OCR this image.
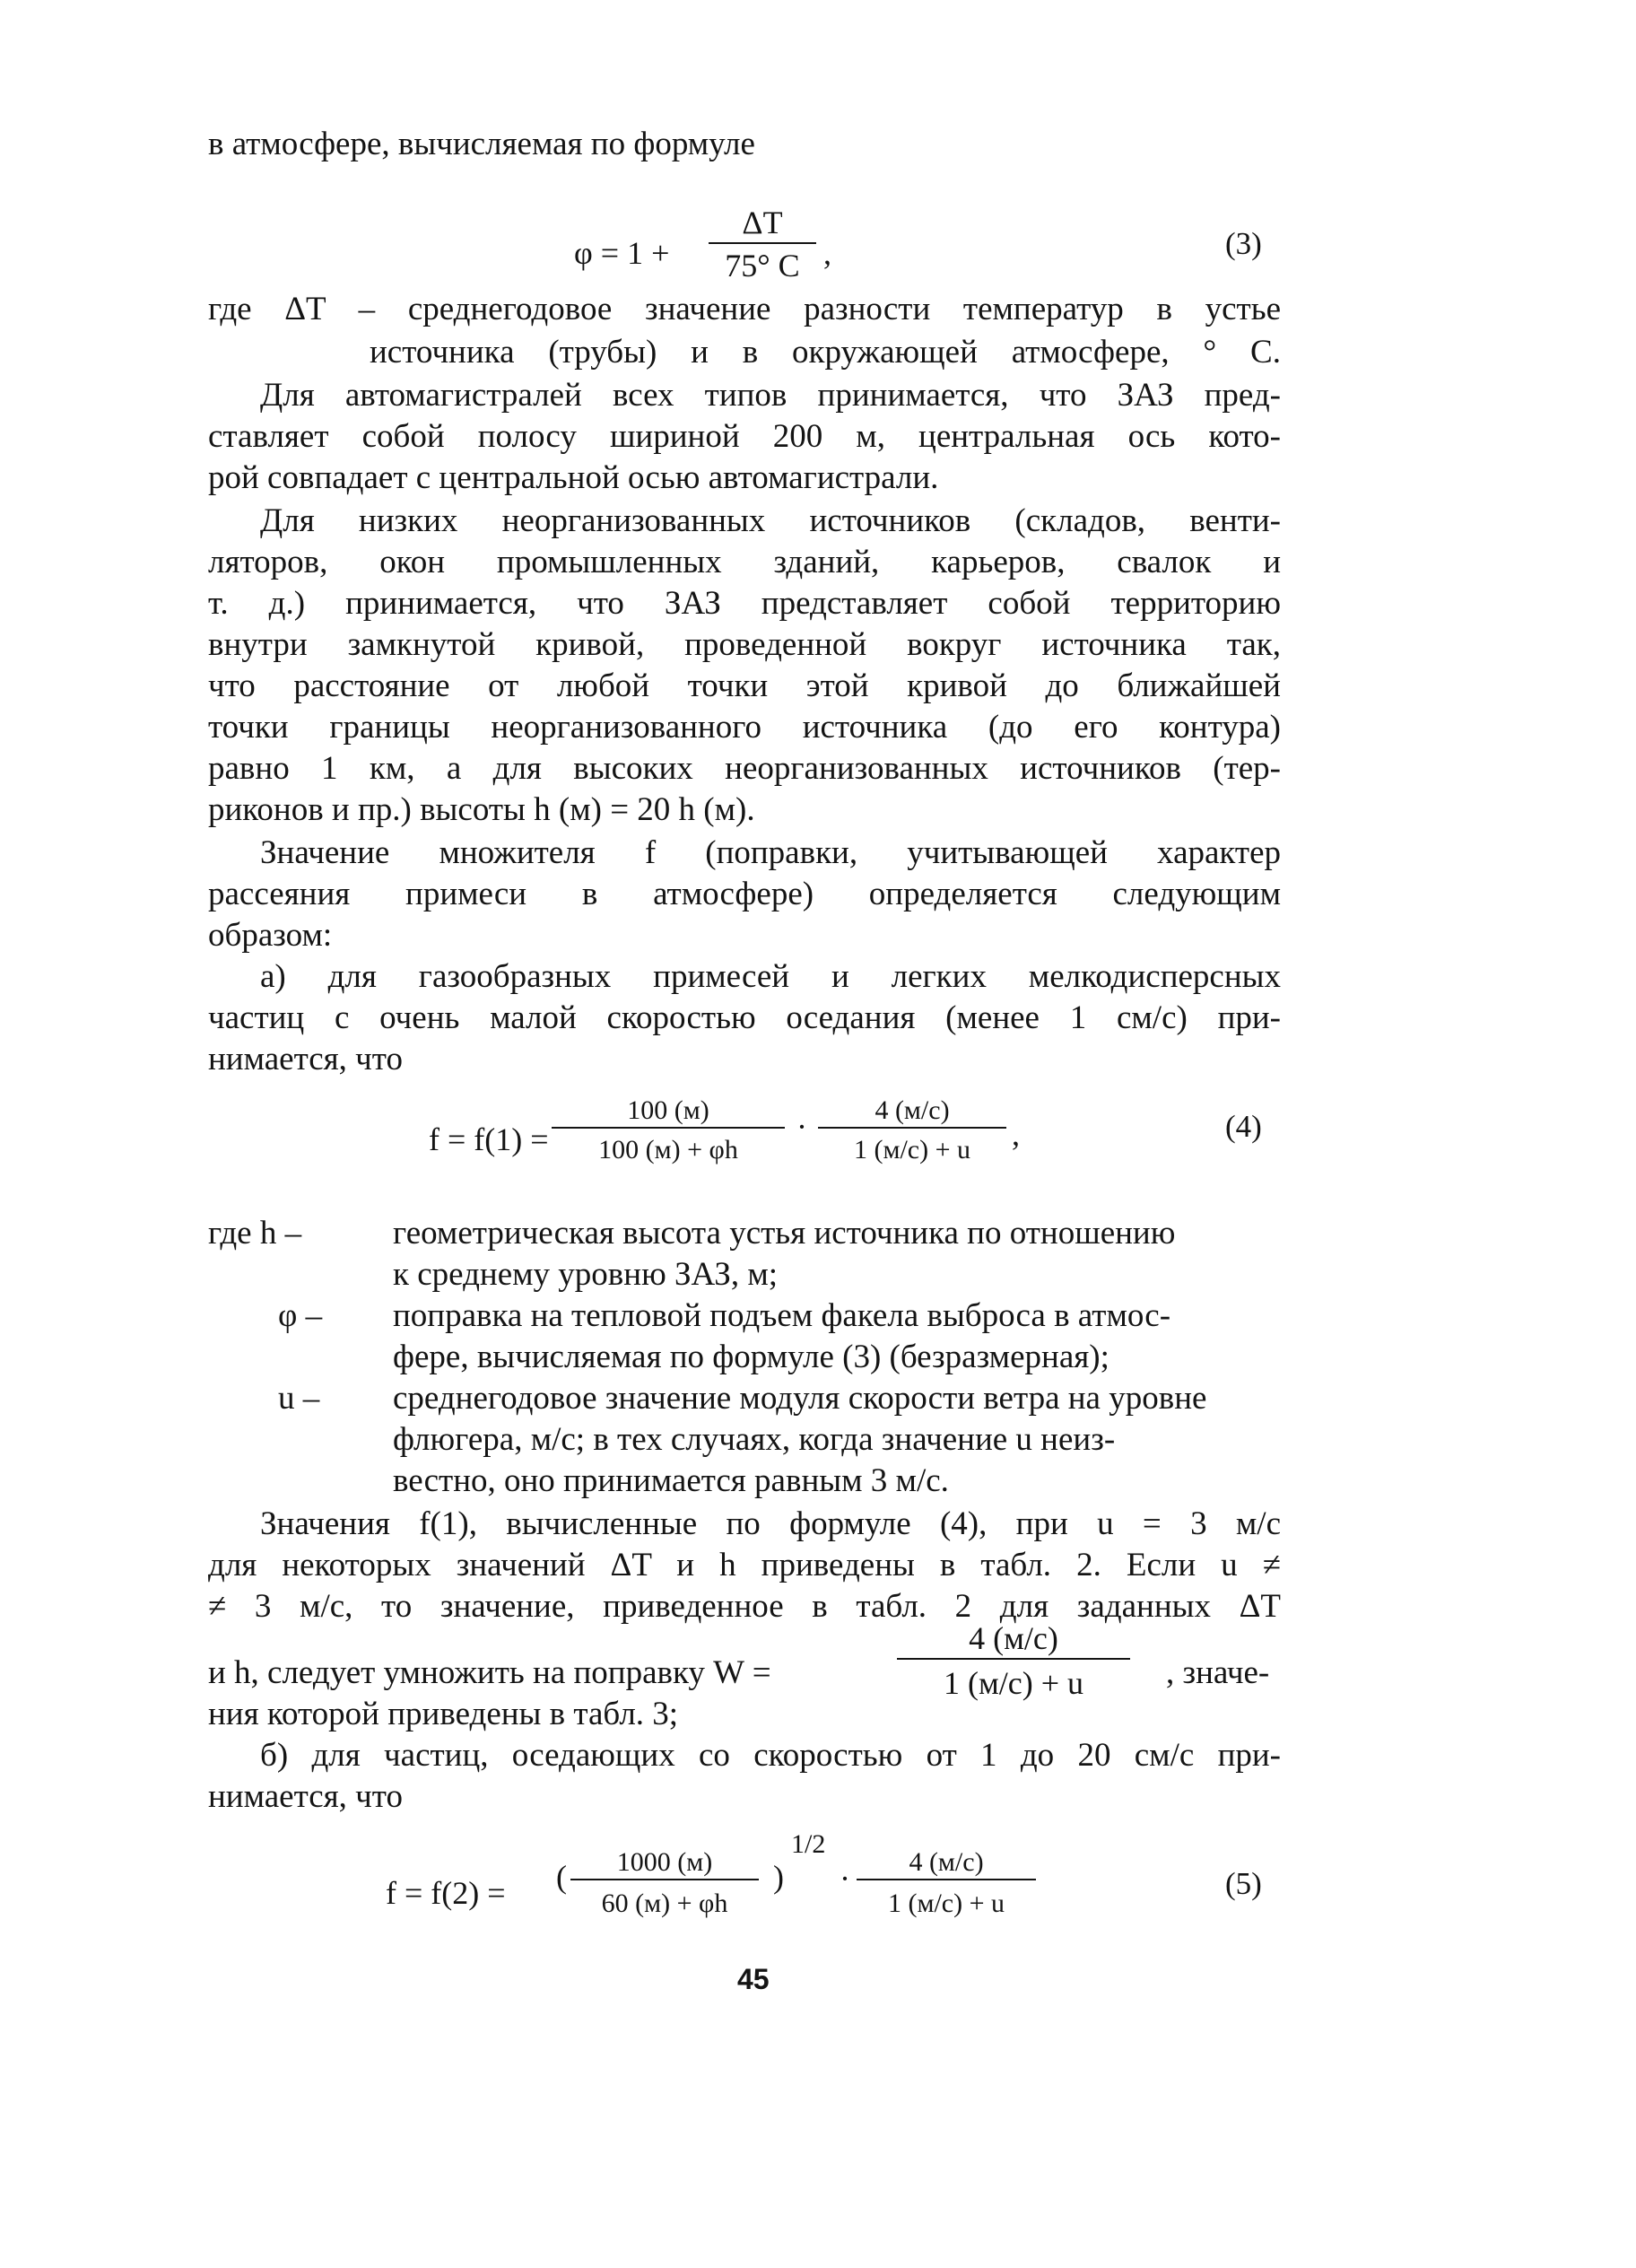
в атмосфере, вычисляемая по формуле
φ = 1 +
ΔT
75° C ,	(3)
где ΔT – среднегодовое значение разности температур в устье
источника (трубы) и в окружающей атмосфере, ° С.
Для автомагистралей всех типов принимается, что ЗАЗ пред-
ставляет собой полосу шириной 200 м, центральная ось кото-
рой совпадает с центральной осью автомагистрали.
Для низких неорганизованных источников (складов, венти-
ляторов, окон промышленных зданий, карьеров, свалок и
т. д.) принимается, что ЗАЗ представляет собой территорию
внутри замкнутой кривой, проведенной вокруг источника так,
что расстояние от любой точки этой кривой до ближайшей
точки границы неорганизованного источника (до его контура)
равно 1 км, а для высоких неорганизованных источников (тер-
риконов и пр.) высоты h (м) = 20 h (м).
Значение множителя f (поправки, учитывающей характер
рассеяния примеси в атмосфере) определяется следующим
образом:
а) для газообразных примесей и легких мелкодисперсных
частиц с очень малой скоростью оседания (менее 1 см/с) при-
нимается, что
f = f(1) =
100 (м)
100 (м) + φh
·	4 (м/с)
1 (м/с) + u	,	(4)
где h –	геометрическая высота устья источника по отношению
к среднему уровню ЗАЗ, м;
φ – поправка на тепловой подъем факела выброса в атмос-
фере, вычисляемая по формуле (3) (безразмерная);
u – среднегодовое значение модуля скорости ветра на уровне
флюгера, м/с; в тех случаях, когда значение u неиз-
вестно, оно принимается равным 3 м/с.
Значения f(1), вычисленные по формуле (4), при u = 3 м/с
для некоторых значений ΔT и h приведены в табл. 2. Если u ≠
≠ 3 м/с, то значение, приведенное в табл. 2 для заданных ΔT
и h, следует умножить на поправку W =
4 (м/с)
1 (м/с) + u	, значе-
ния которой приведены в табл. 3;
б) для частиц, оседающих со скоростью от 1 до 20 см/с при-
нимается, что
f = f(2) = (	1000 (м)
60 (м) + φh
)
1/2
·	4 (м/с)
1 (м/с) + u
(5)
45
